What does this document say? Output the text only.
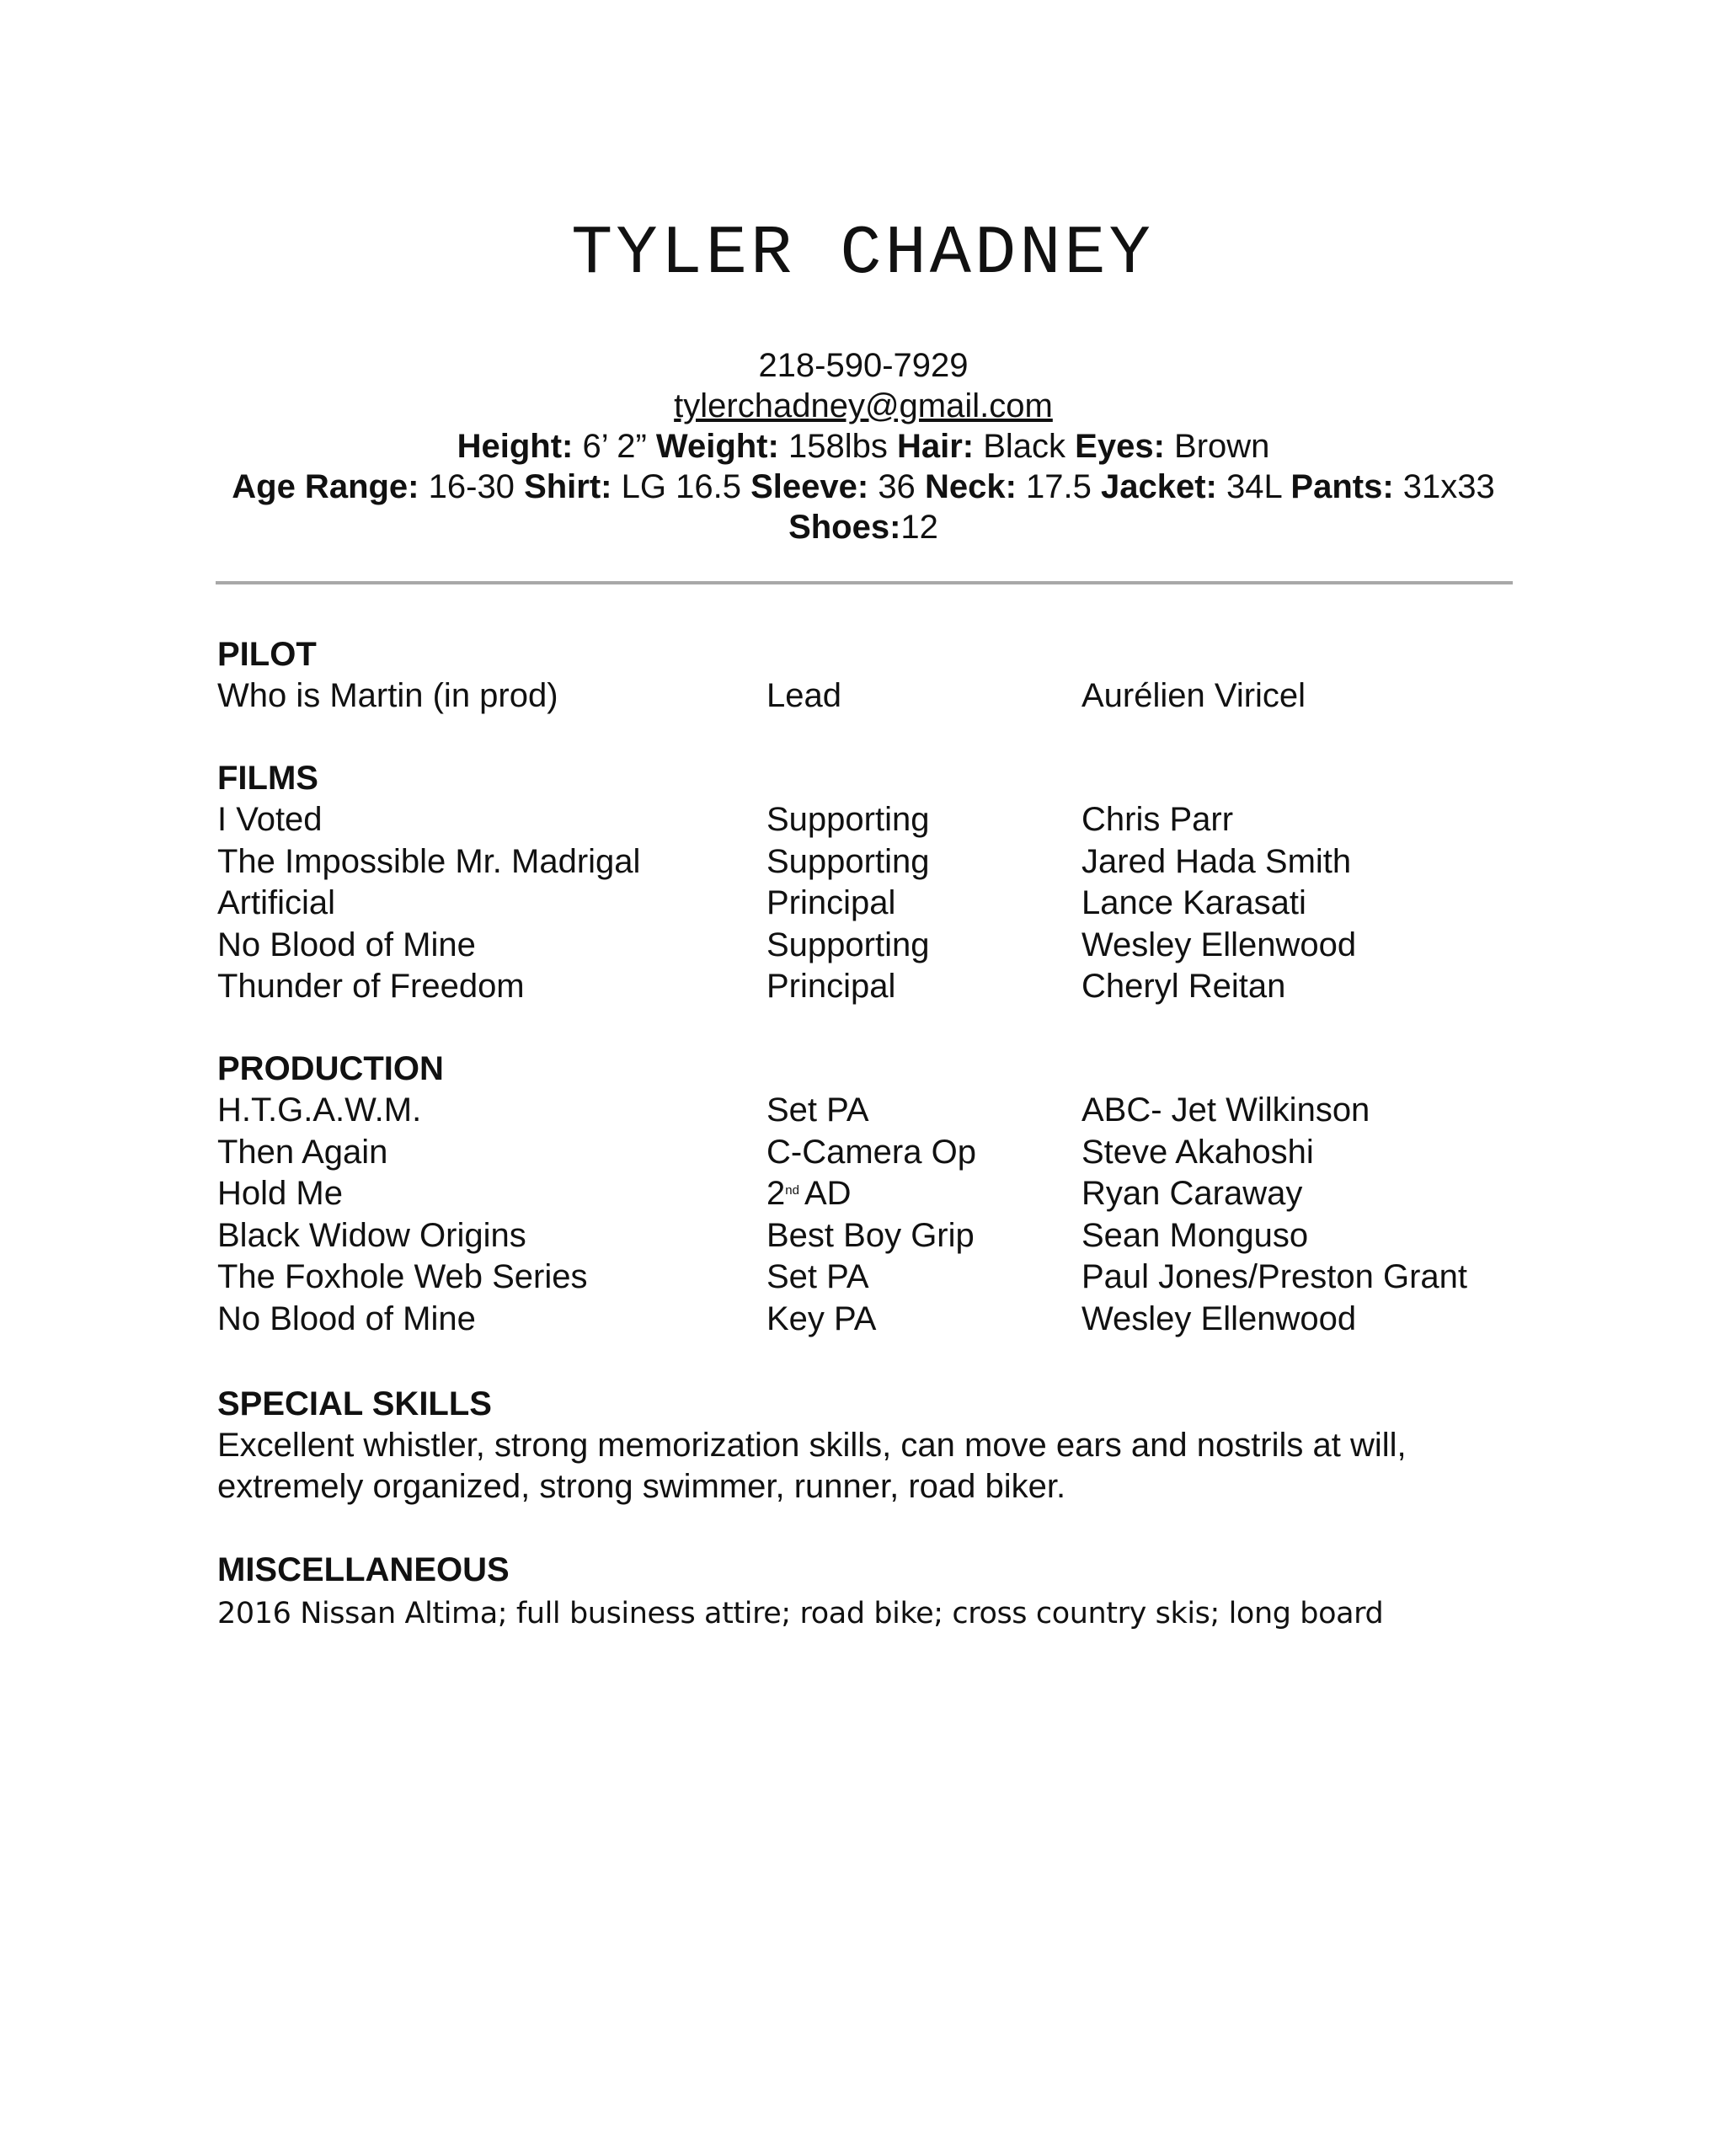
TYLER CHADNEY
218-590-7929
tylerchadney@gmail.com
Height: 6’ 2” Weight: 158lbs Hair: Black Eyes: Brown
Age Range: 16-30 Shirt: LG 16.5 Sleeve: 36 Neck: 17.5 Jacket: 34L Pants: 31x33 Shoes:12
PILOT
Who is Martin (in prod)	Lead	Aurélien Viricel
FILMS
I Voted	Supporting	Chris Parr
The Impossible Mr. Madrigal	Supporting	Jared Hada Smith
Artificial	Principal	Lance Karasati
No Blood of Mine	Supporting	Wesley Ellenwood
Thunder of Freedom	Principal	Cheryl Reitan
PRODUCTION
H.T.G.A.W.M.	Set PA	ABC- Jet Wilkinson
Then Again	C-Camera Op	Steve Akahoshi
Hold Me	2nd AD	Ryan Caraway
Black Widow Origins	Best Boy Grip	Sean Monguso
The Foxhole Web Series	Set PA	Paul Jones/Preston Grant
No Blood of Mine	Key PA	Wesley Ellenwood
SPECIAL SKILLS

Excellent whistler, strong memorization skills, can move ears and nostrils at will, extremely organized, strong swimmer, runner, road biker.

MISCELLANEOUS

2016 Nissan Altima; full business attire; road bike; cross country skis; long board
